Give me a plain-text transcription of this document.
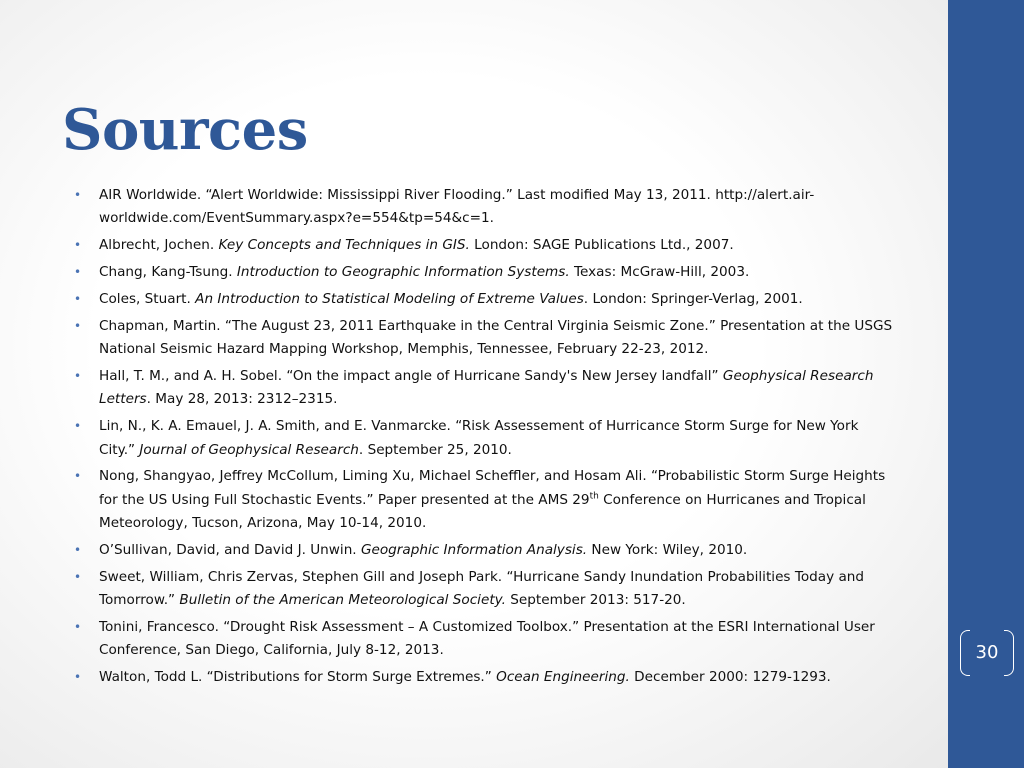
Sources
• AIR Worldwide. “Alert Worldwide: Mississippi River Flooding.” Last modified May 13, 2011. http://alert.air-worldwide.com/EventSummary.aspx?e=554&tp=54&c=1.
• Albrecht, Jochen. Key Concepts and Techniques in GIS. London: SAGE Publications Ltd., 2007.
• Chang, Kang-Tsung. Introduction to Geographic Information Systems. Texas: McGraw-Hill, 2003.
• Coles, Stuart. An Introduction to Statistical Modeling of Extreme Values. London: Springer-Verlag, 2001.
• Chapman, Martin. “The August 23, 2011 Earthquake in the Central Virginia Seismic Zone.” Presentation at the USGS National Seismic Hazard Mapping Workshop, Memphis, Tennessee, February 22-23, 2012.
• Hall, T. M., and A. H. Sobel. “On the impact angle of Hurricane Sandy's New Jersey landfall” Geophysical Research Letters. May 28, 2013: 2312–2315.
• Lin, N., K. A. Emauel, J. A. Smith, and E. Vanmarcke. “Risk Assessement of Hurricance Storm Surge for New York City.” Journal of Geophysical Research. September 25, 2010.
• Nong, Shangyao, Jeffrey McCollum, Liming Xu, Michael Scheffler, and Hosam Ali. “Probabilistic Storm Surge Heights for the US Using Full Stochastic Events.” Paper presented at the AMS 29th Conference on Hurricanes and Tropical Meteorology, Tucson, Arizona, May 10-14, 2010.
• O’Sullivan, David, and David J. Unwin. Geographic Information Analysis. New York: Wiley, 2010.
• Sweet, William, Chris Zervas, Stephen Gill and Joseph Park. “Hurricane Sandy Inundation Probabilities Today and Tomorrow.” Bulletin of the American Meteorological Society. September 2013: 517-20.
• Tonini, Francesco. “Drought Risk Assessment – A Customized Toolbox.” Presentation at the ESRI International User Conference, San Diego, California, July 8-12, 2013.
• Walton, Todd L. “Distributions for Storm Surge Extremes.” Ocean Engineering. December 2000: 1279-1293.
30
